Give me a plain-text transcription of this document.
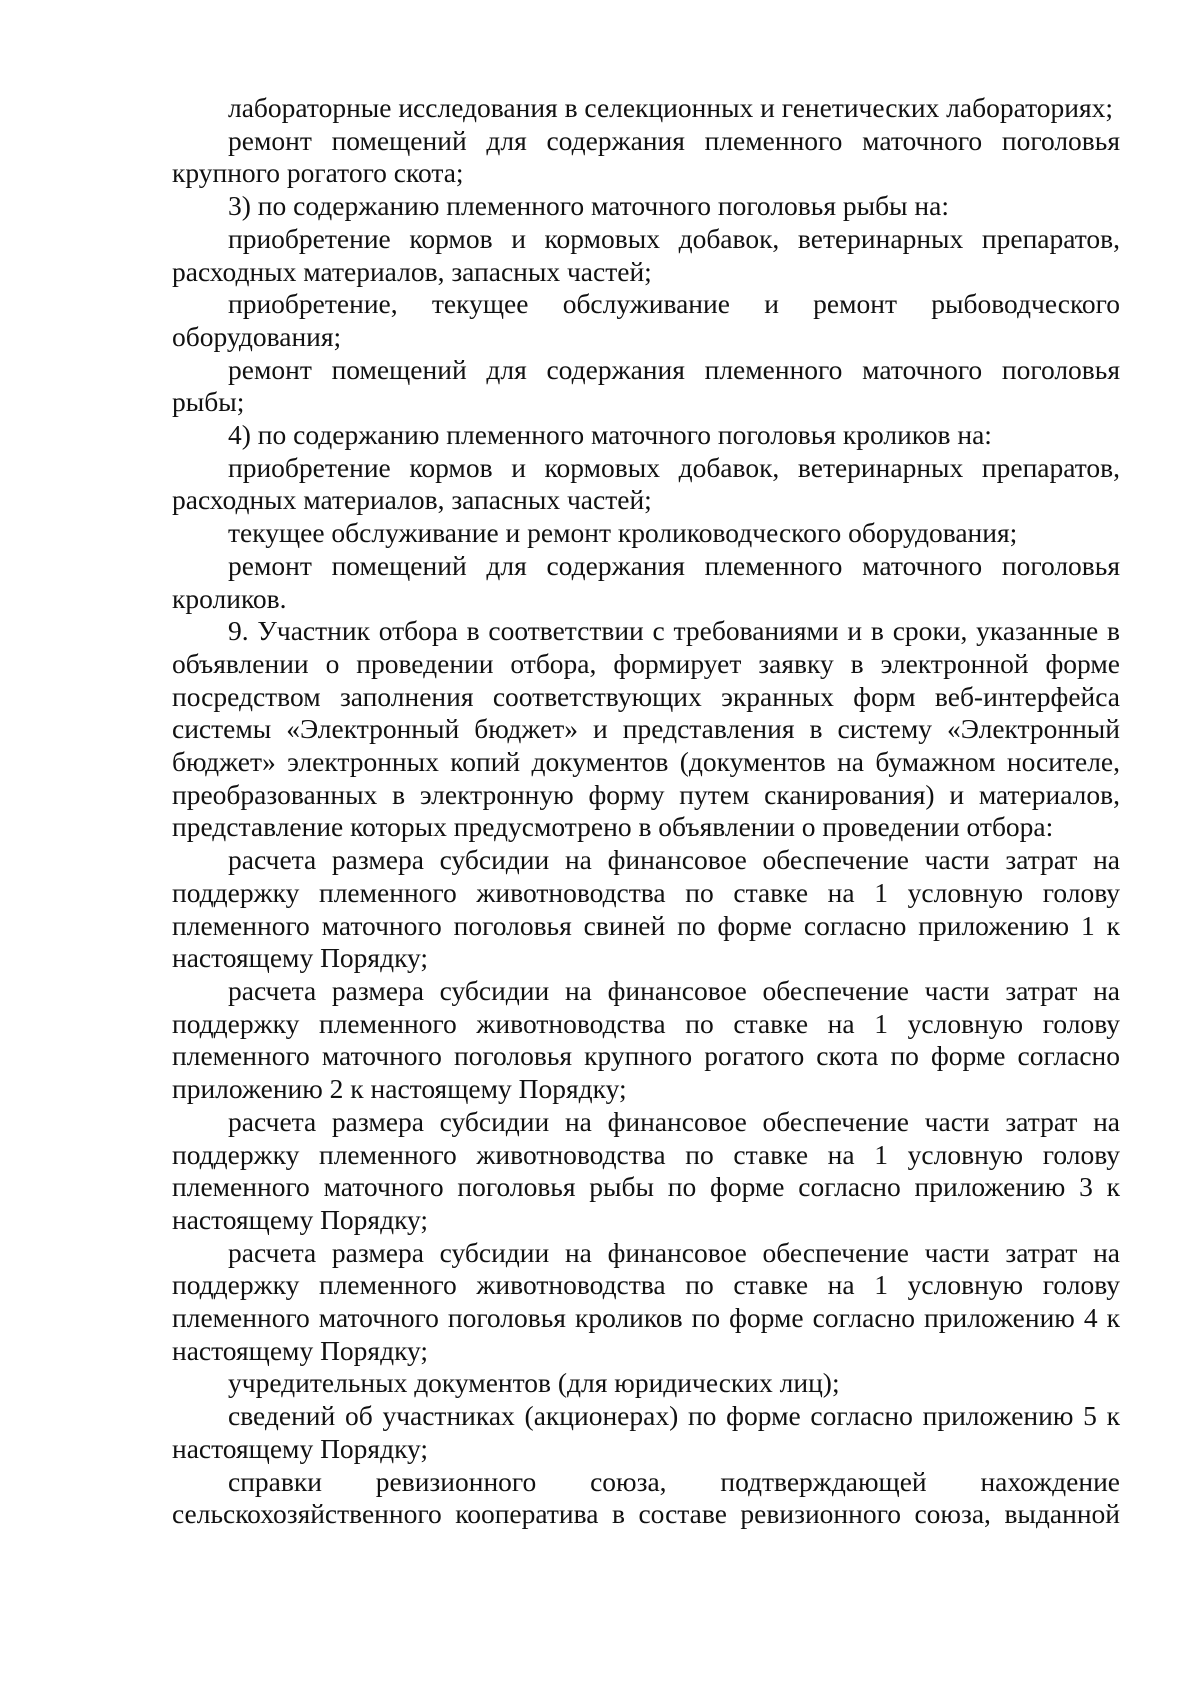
лабораторные исследования в селекционных и генетических лабораториях;

ремонт помещений для содержания племенного маточного поголовья крупного рогатого скота;

3) по содержанию племенного маточного поголовья рыбы на:

приобретение кормов и кормовых добавок, ветеринарных препаратов, расходных материалов, запасных частей;

приобретение, текущее обслуживание и ремонт рыбоводческого оборудования;

ремонт помещений для содержания племенного маточного поголовья рыбы;

4) по содержанию племенного маточного поголовья кроликов на:

приобретение кормов и кормовых добавок, ветеринарных препаратов, расходных материалов, запасных частей;

текущее обслуживание и ремонт кролиководческого оборудования;

ремонт помещений для содержания племенного маточного поголовья кроликов.

9. Участник отбора в соответствии с требованиями и в сроки, указанные в объявлении о проведении отбора, формирует заявку в электронной форме посредством заполнения соответствующих экранных форм веб-интерфейса системы «Электронный бюджет» и представления в систему «Электронный бюджет» электронных копий документов (документов на бумажном носителе, преобразованных в электронную форму путем сканирования) и материалов, представление которых предусмотрено в объявлении о проведении отбора:

расчета размера субсидии на финансовое обеспечение части затрат на поддержку племенного животноводства по ставке на 1 условную голову племенного маточного поголовья свиней по форме согласно приложению 1 к настоящему Порядку;

расчета размера субсидии на финансовое обеспечение части затрат на поддержку племенного животноводства по ставке на 1 условную голову племенного маточного поголовья крупного рогатого скота по форме согласно приложению 2 к настоящему Порядку;

расчета размера субсидии на финансовое обеспечение части затрат на поддержку племенного животноводства по ставке на 1 условную голову племенного маточного поголовья рыбы по форме согласно приложению 3 к настоящему Порядку;

расчета размера субсидии на финансовое обеспечение части затрат на поддержку племенного животноводства по ставке на 1 условную голову племенного маточного поголовья кроликов по форме согласно приложению 4 к настоящему Порядку;

учредительных документов (для юридических лиц);

сведений об участниках (акционерах) по форме согласно приложению 5 к настоящему Порядку;

справки ревизионного союза, подтверждающей нахождение сельскохозяйственного кооператива в составе ревизионного союза, выданной
